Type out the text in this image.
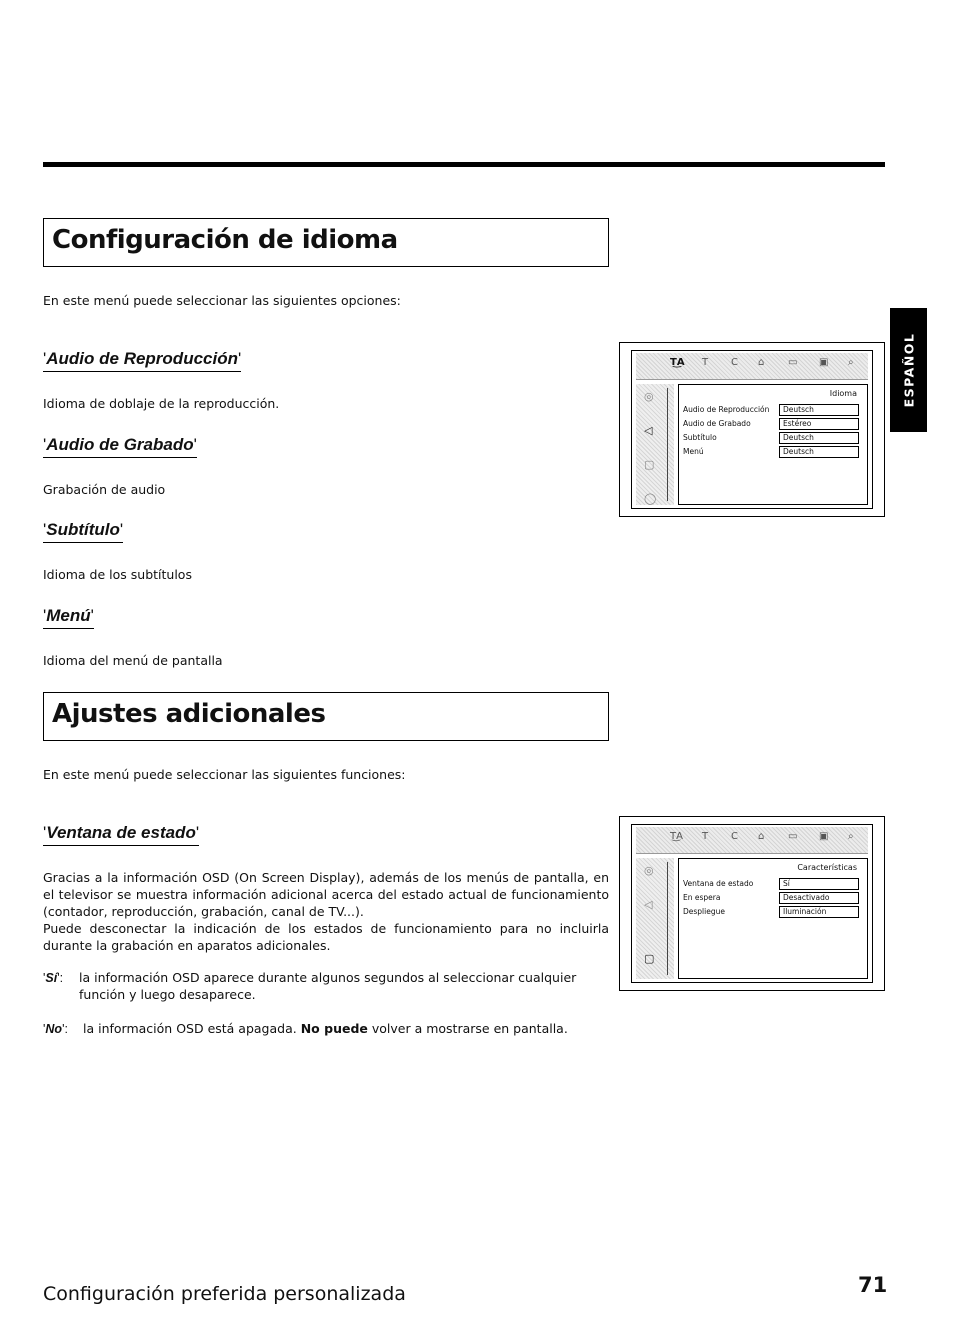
Configuración de idioma
En este menú puede seleccionar las siguientes opciones:
'Audio de Reproducción'
Idioma de doblaje de la reproducción.
'Audio de Grabado'
Grabación de audio
'Subtítulo'
Idioma de los subtítulos
'Menú'
Idioma del menú de pantalla
T͜A T C ⌂ ▭ ▣ ⌕
◎
◁
▢
◯
Idioma
Audio de Reproducción	Deutsch
Audio de Grabado	Estéreo
Subtítulo	Deutsch
Menú	Deutsch
ESPAÑOL
Ajustes adicionales
En este menú puede seleccionar las siguientes funciones:
'Ventana de estado'
Gracias a la información OSD (On Screen Display), además de los menús de pantalla, en el televisor se muestra información adicional acerca del estado actual de funcionamiento (contador, reproducción, grabación, canal de TV...).
Puede desconectar la indicación de los estados de funcionamiento para no incluirla durante la grabación en aparatos adicionales.
'Sí': la información OSD aparece durante algunos segundos al seleccionar cualquier función y luego desaparece.
'No': la información OSD está apagada. No puede volver a mostrarse en pantalla.
T͜A T C ⌂ ▭ ▣ ⌕
◎
◁
▢
Características
Ventana de estado	Sí
En espera	Desactivado
Despliegue	Iluminación
Configuración preferida personalizada	71
